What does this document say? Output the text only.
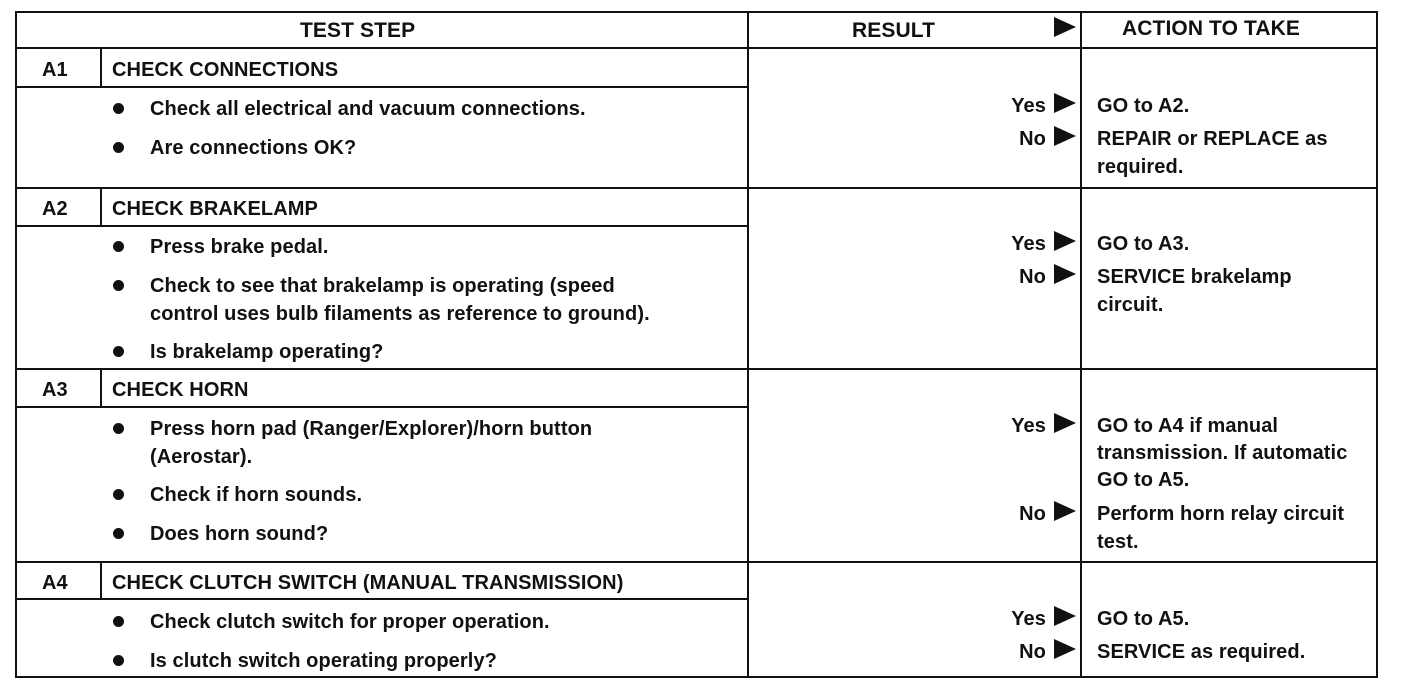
TEST STEP	RESULT	ACTION TO TAKE
A1 CHECK CONNECTIONS
Check all electrical and vacuum connections.
Are connections OK?
Yes	GO to A2.
No	REPAIR or REPLACE as
required.
A2 CHECK BRAKELAMP
Press brake pedal.
Check to see that brakelamp is operating (speed
control uses bulb filaments as reference to ground).
Is brakelamp operating?
Yes	GO to A3.
No	SERVICE brakelamp
circuit.
A3 CHECK HORN
Press horn pad (Ranger/Explorer)/horn button
(Aerostar).
Check if horn sounds.
Does horn sound?
Yes	GO to A4 if manual
transmission. If automatic
GO to A5.
No	Perform horn relay circuit
test.
A4 CHECK CLUTCH SWITCH (MANUAL TRANSMISSION)
Check clutch switch for proper operation.
Is clutch switch operating properly?
Yes	GO to A5.
No	SERVICE as required.
